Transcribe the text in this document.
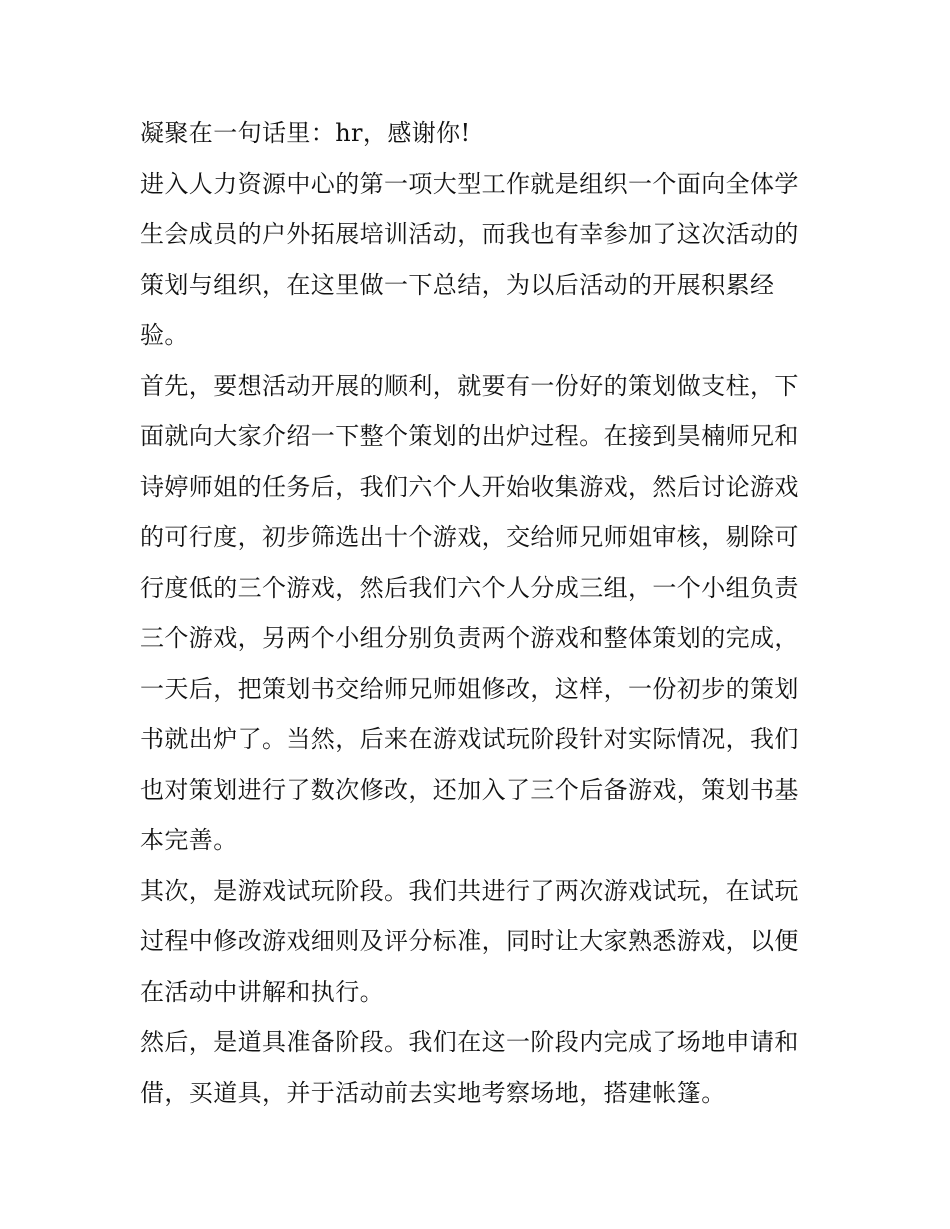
凝聚在一句话里：hr，感谢你!

进入人力资源中心的第一项大型工作就是组织一个面向全体学生会成员的户外拓展培训活动，而我也有幸参加了这次活动的策划与组织，在这里做一下总结，为以后活动的开展积累经验。

首先，要想活动开展的顺利，就要有一份好的策划做支柱，下面就向大家介绍一下整个策划的出炉过程。在接到昊楠师兄和诗婷师姐的任务后，我们六个人开始收集游戏，然后讨论游戏的可行度，初步筛选出十个游戏，交给师兄师姐审核，剔除可行度低的三个游戏，然后我们六个人分成三组，一个小组负责三个游戏，另两个小组分别负责两个游戏和整体策划的完成，一天后，把策划书交给师兄师姐修改，这样，一份初步的策划书就出炉了。当然，后来在游戏试玩阶段针对实际情况，我们也对策划进行了数次修改，还加入了三个后备游戏，策划书基本完善。

其次，是游戏试玩阶段。我们共进行了两次游戏试玩，在试玩过程中修改游戏细则及评分标准，同时让大家熟悉游戏，以便在活动中讲解和执行。

然后，是道具准备阶段。我们在这一阶段内完成了场地申请和借，买道具，并于活动前去实地考察场地，搭建帐篷。
